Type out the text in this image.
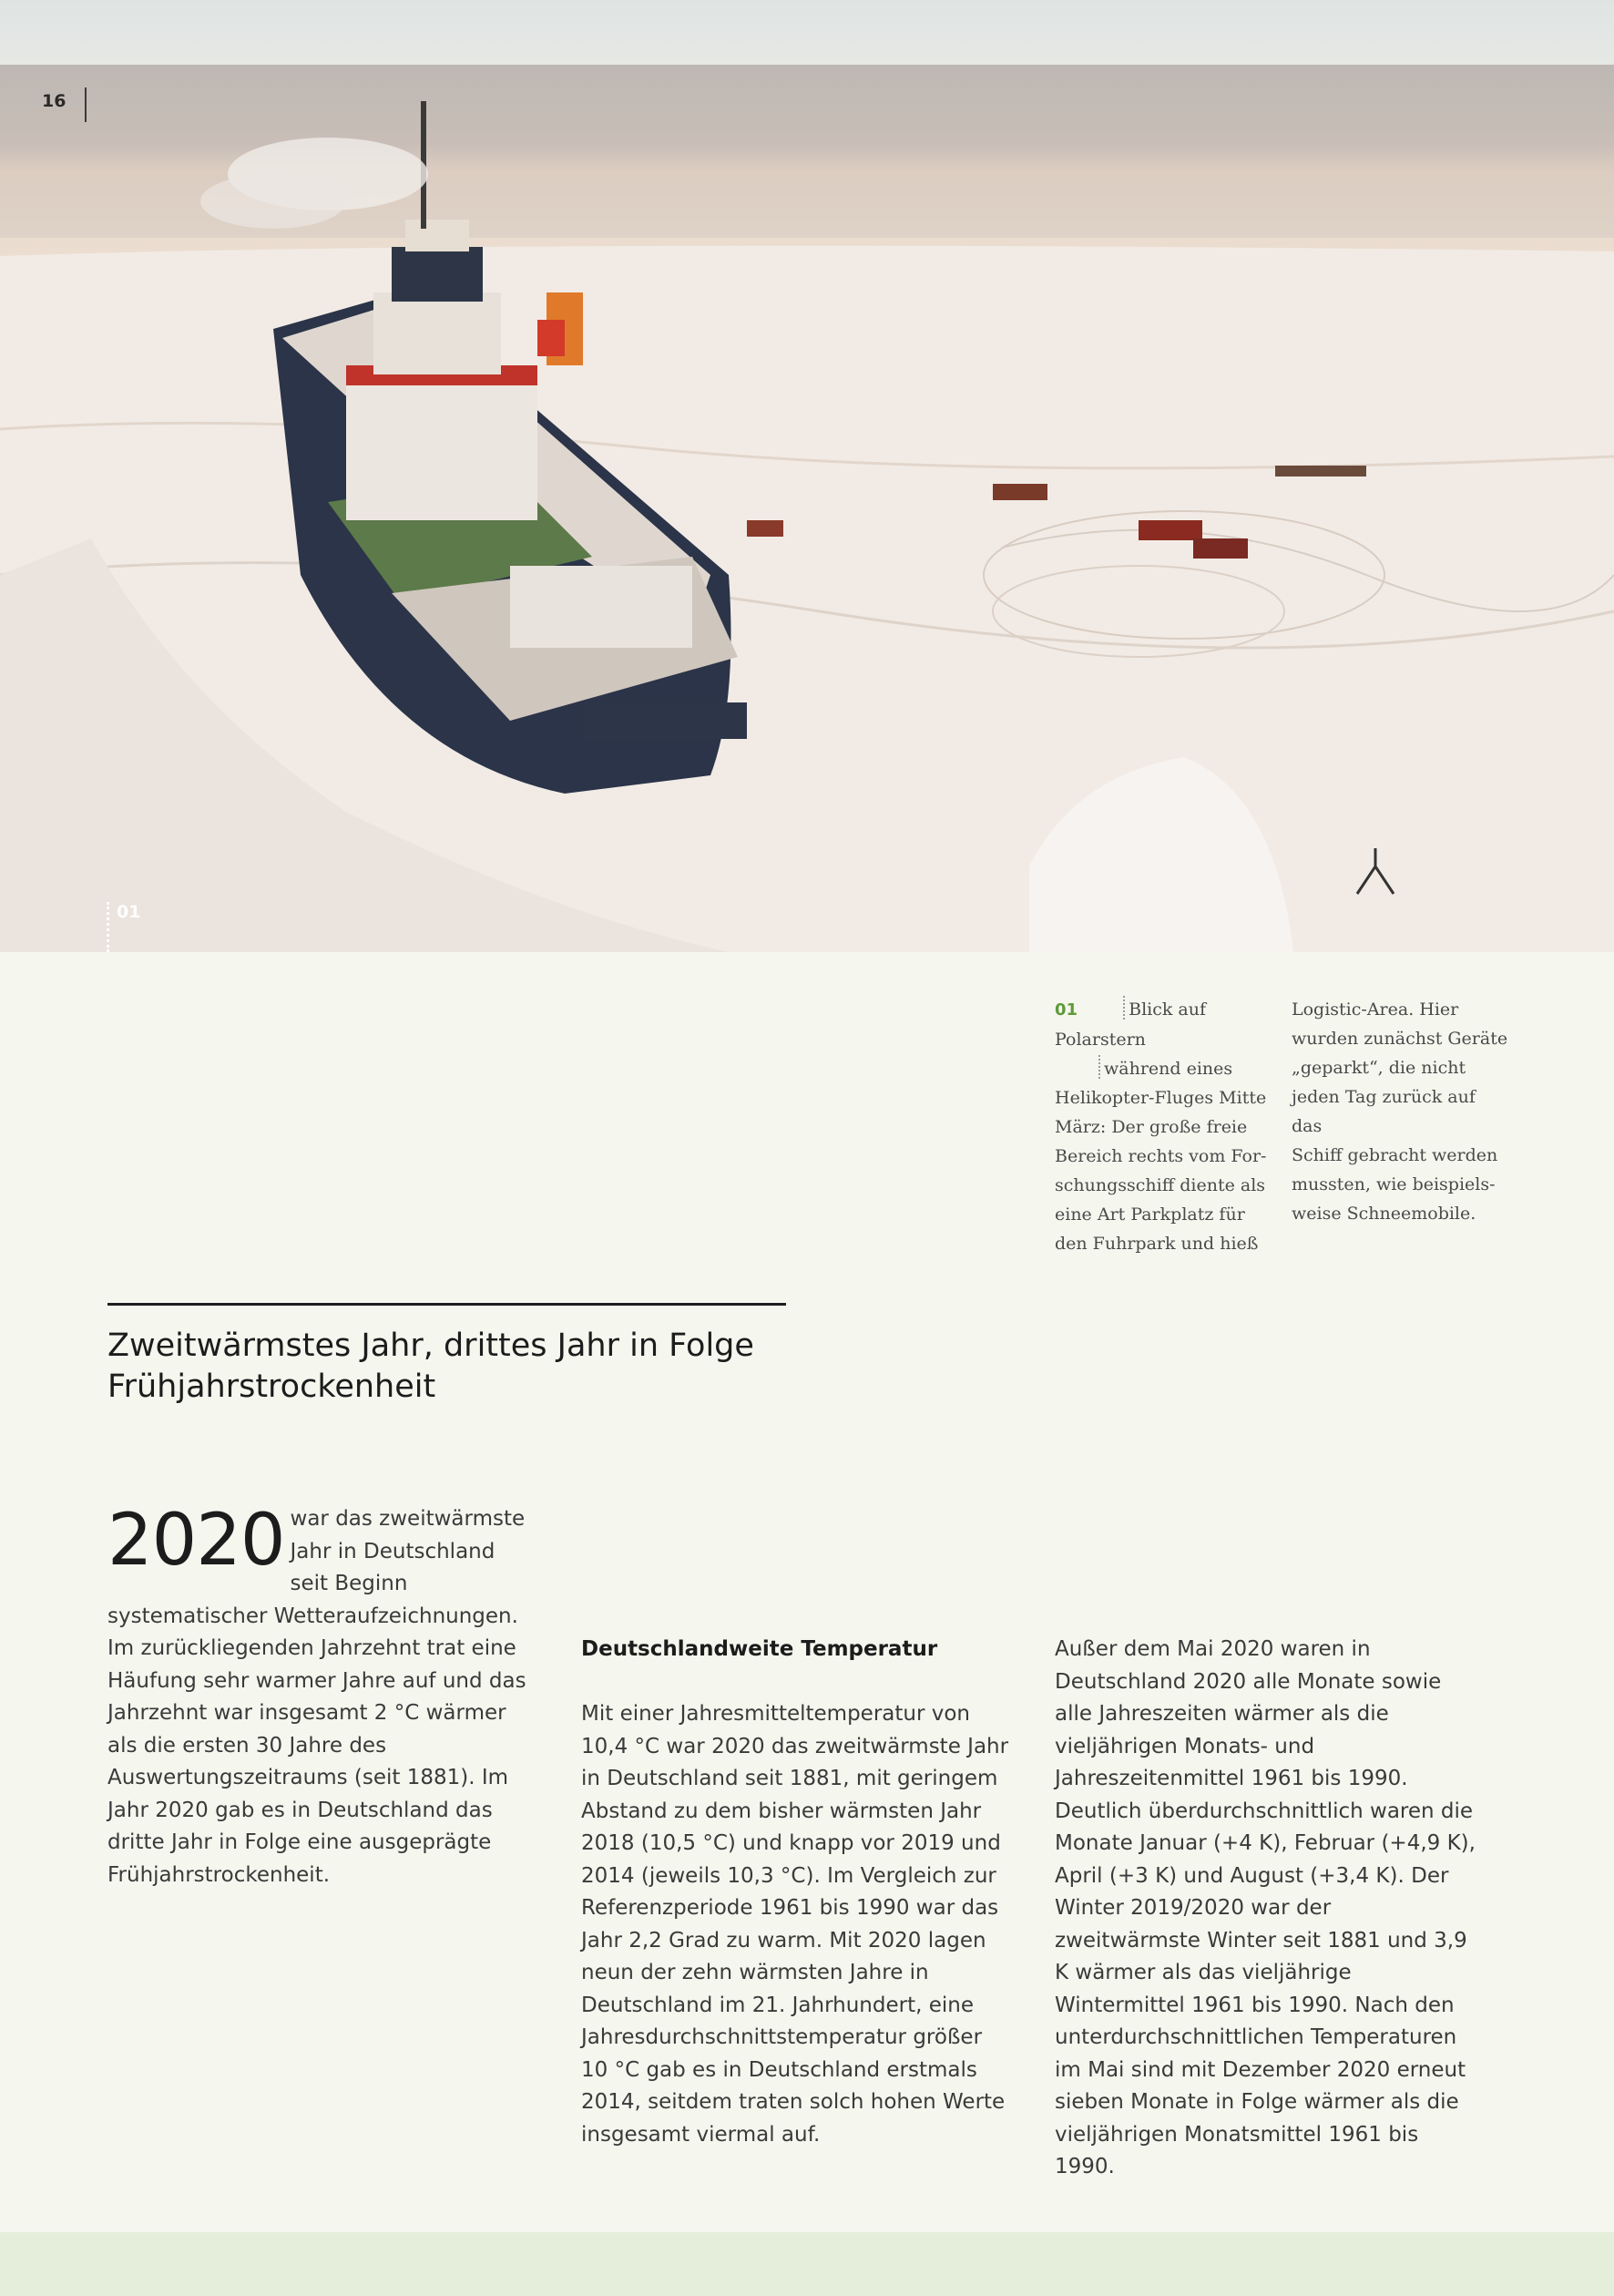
16
01
01	Blick auf Polarstern
während eines
Helikopter-Fluges Mitte
März: Der große freie
Bereich rechts vom For-
schungsschiff diente als
eine Art Parkplatz für
den Fuhrpark und hieß
Logistic-Area. Hier
wurden zunächst Geräte
„geparkt“, die nicht
jeden Tag zurück auf das
Schiff gebracht werden
mussten, wie beispiels-
weise Schneemobile.
Zweitwärmstes Jahr, drittes Jahr in Folge
Frühjahrstrockenheit

2020 war das zweitwärmste Jahr in Deutschland seit Beginn systematischer Wetteraufzeichnungen. Im zurückliegenden Jahrzehnt trat eine Häufung sehr warmer Jahre auf und das Jahrzehnt war insgesamt 2 °C wärmer als die ersten 30 Jahre des Auswertungszeitraums (seit 1881). Im Jahr 2020 gab es in Deutschland das dritte Jahr in Folge eine ausgeprägte Frühjahrstrockenheit.

Deutschlandweite Temperatur

Mit einer Jahresmitteltemperatur von 10,4 °C war 2020 das zweitwärmste Jahr in Deutschland seit 1881, mit geringem Abstand zu dem bisher wärmsten Jahr 2018 (10,5 °C) und knapp vor 2019 und 2014 (jeweils 10,3 °C). Im Vergleich zur Referenzperiode 1961 bis 1990 war das Jahr 2,2 Grad zu warm. Mit 2020 lagen neun der zehn wärmsten Jahre in Deutschland im 21. Jahrhundert, eine Jahresdurchschnittstemperatur größer 10 °C gab es in Deutschland erstmals 2014, seitdem traten solch hohen Werte insgesamt viermal auf.

Außer dem Mai 2020 waren in Deutschland 2020 alle Monate sowie alle Jahreszeiten wärmer als die vieljährigen Monats- und Jahreszeitenmittel 1961 bis 1990. Deutlich überdurchschnittlich waren die Monate Januar (+4 K), Februar (+4,9 K), April (+3 K) und August (+3,4 K). Der Winter 2019/2020 war der zweitwärmste Winter seit 1881 und 3,9 K wärmer als das vieljährige Wintermittel 1961 bis 1990. Nach den unterdurchschnittlichen Temperaturen im Mai sind mit Dezember 2020 erneut sieben Monate in Folge wärmer als die vieljährigen Monatsmittel 1961 bis 1990.
